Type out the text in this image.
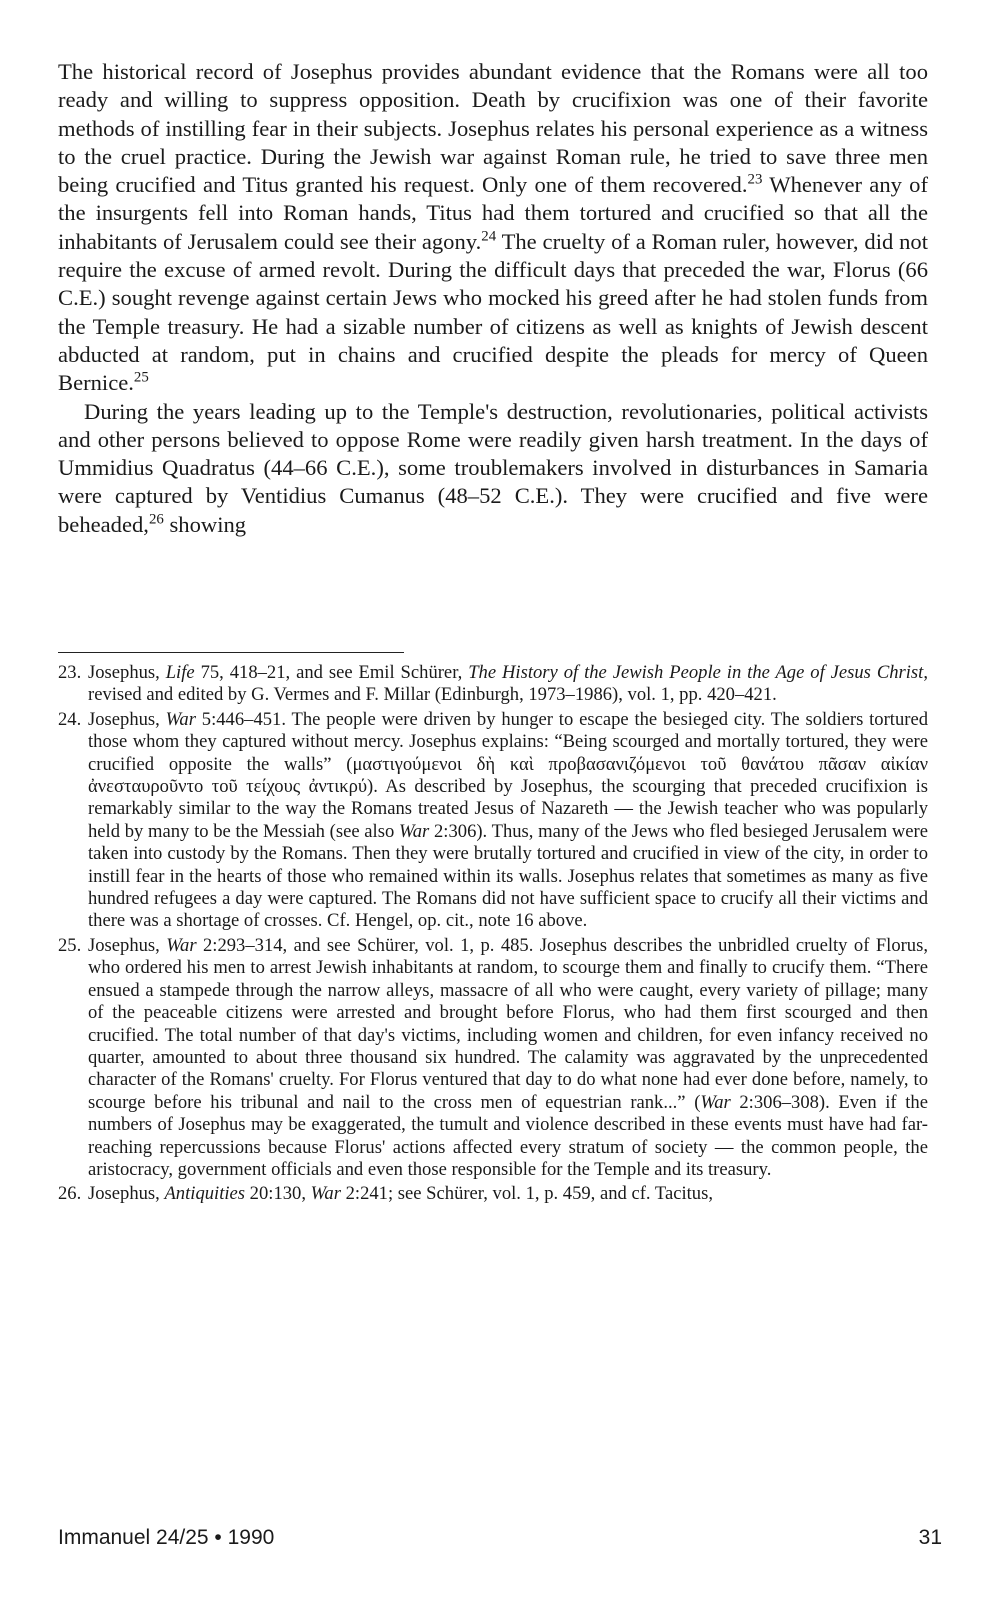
The historical record of Josephus provides abundant evidence that the Romans were all too ready and willing to suppress opposition. Death by crucifixion was one of their favorite methods of instilling fear in their subjects. Josephus relates his personal experience as a witness to the cruel practice. During the Jewish war against Roman rule, he tried to save three men being crucified and Titus granted his request. Only one of them recovered.$^{23}$ Whenever any of the insurgents fell into Roman hands, Titus had them tortured and crucified so that all the inhabitants of Jerusalem could see their agony.$^{24}$ The cruelty of a Roman ruler, however, did not require the excuse of armed revolt. During the difficult days that preceded the war, Florus (66 C.E.) sought revenge against certain Jews who mocked his greed after he had stolen funds from the Temple treasury. He had a sizable number of citizens as well as knights of Jewish descent abducted at random, put in chains and crucified despite the pleads for mercy of Queen Bernice.$^{25}$

During the years leading up to the Temple's destruction, revolutionaries, political activists and other persons believed to oppose Rome were readily given harsh treatment. In the days of Ummidius Quadratus (44–66 C.E.), some troublemakers involved in disturbances in Samaria were captured by Ventidius Cumanus (48–52 C.E.). They were crucified and five were beheaded,$^{26}$ showing

23. Josephus, Life 75, 418–21, and see Emil Schürer, The History of the Jewish People in the Age of Jesus Christ, revised and edited by G. Vermes and F. Millar (Edinburgh, 1973–1986), vol. 1, pp. 420–421.
24. Josephus, War 5:446–451. The people were driven by hunger to escape the besieged city. The soldiers tortured those whom they captured without mercy. Josephus explains: “Being scourged and mortally tortured, they were crucified opposite the walls” (μαστιγούμενοι δὴ καὶ προβασανιζόμενοι τοῦ θανάτου πᾶσαν αἰκίαν ἀνεσταυροῦντο τοῦ τείχους ἀντικρύ). As described by Josephus, the scourging that preceded crucifixion is remarkably similar to the way the Romans treated Jesus of Nazareth — the Jewish teacher who was popularly held by many to be the Messiah (see also War 2:306). Thus, many of the Jews who fled besieged Jerusalem were taken into custody by the Romans. Then they were brutally tortured and crucified in view of the city, in order to instill fear in the hearts of those who remained within its walls. Josephus relates that sometimes as many as five hundred refugees a day were captured. The Romans did not have sufficient space to crucify all their victims and there was a shortage of crosses. Cf. Hengel, op. cit., note 16 above.
25. Josephus, War 2:293–314, and see Schürer, vol. 1, p. 485. Josephus describes the unbridled cruelty of Florus, who ordered his men to arrest Jewish inhabitants at random, to scourge them and finally to crucify them. “There ensued a stampede through the narrow alleys, massacre of all who were caught, every variety of pillage; many of the peaceable citizens were arrested and brought before Florus, who had them first scourged and then crucified. The total number of that day's victims, including women and children, for even infancy received no quarter, amounted to about three thousand six hundred. The calamity was aggravated by the unprecedented character of the Romans' cruelty. For Florus ventured that day to do what none had ever done before, namely, to scourge before his tribunal and nail to the cross men of equestrian rank...” (War 2:306–308). Even if the numbers of Josephus may be exaggerated, the tumult and violence described in these events must have had far-reaching repercussions because Florus' actions affected every stratum of society — the common people, the aristocracy, government officials and even those responsible for the Temple and its treasury.
26. Josephus, Antiquities 20:130, War 2:241; see Schürer, vol. 1, p. 459, and cf. Tacitus,
Immanuel 24/25 • 1990	31
